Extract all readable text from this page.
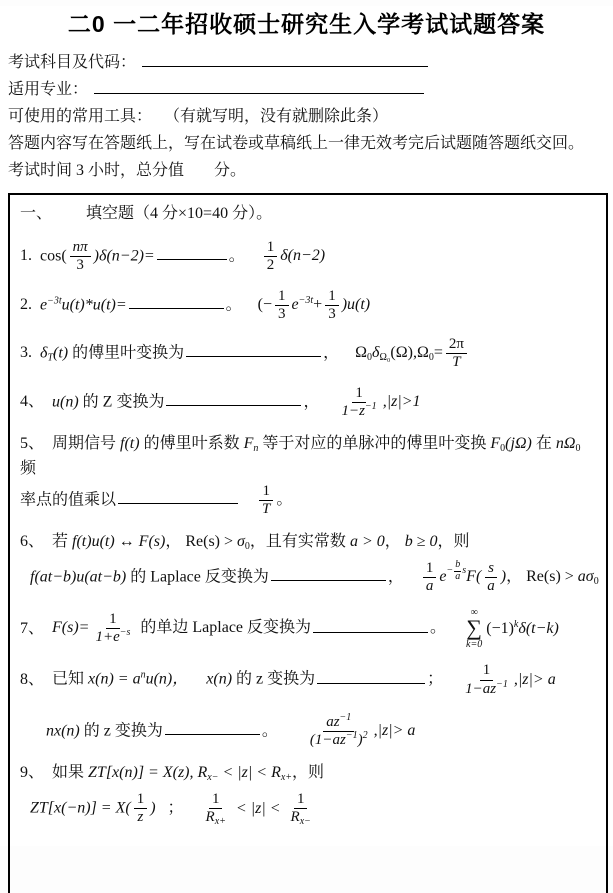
二0 一二年招收硕士研究生入学考试试题答案
考试科目及代码：
适用专业：
可使用的常用工具： （有就写明，没有就删除此条）
答题内容写在答题纸上，写在试卷或草稿纸上一律无效考完后试题随答题纸交回。
考试时间 3 小时，总分值 分。
一、 填空题（4 分×10=40 分）。
1. $\cos( \frac{n\pi}{3} )\delta(n-2)=$	。 $\frac{1}{2} \delta(n-2)$
2. $e^{-3t}u(t)*u(t)=$	。 (− $\frac{1}{3} e^{-3t}+ \frac{1}{3} )u(t)$
3. $\delta_T(t)$ 的傅里叶变换为	， $\Omega_0\delta_{\Omega_0}(\Omega),\Omega_0= \frac{2\pi}{T}$
4、 u(n) 的 Z 变换为	， $\frac{1}{1-z^{-1}} ,|z|>1$
5、 周期信号 f(t) 的傅里叶系数 $F_n$ 等于对应的单脉冲的傅里叶变换 $F_0(j\Omega)$ 在 $n\Omega_0$ 频
率点的值乘以	$\frac{1}{T}$ 。
6、 若 f(t)u(t) ↔ F(s)， $Re(s) > \sigma_0$，且有实常数 a > 0， b ≥ 0，则
f(at−b)u(at−b) 的 Laplace 反变换为	， $\frac{1}{a}$ $e - \frac{b}{a}$ s $F( \frac{s}{a}$ )， $Re(s) > a\sigma_0$
7、 $F(s)= \frac{1}{1+e^{-s}}$ 的单边 Laplace 反变换为	。
∞
∑
k=0
$(-1)^k\delta(t-k)$
8、 已知 $x(n) = a^nu(n)$， x(n) 的 z 变换为	； $\frac{1}{1-az^{-1}} ,|z|> a$
nx(n) 的 z 变换为	。 $\frac{az^{-1}}{(1-az^{-1})^2} ,|z|> a$
9、 如果 ZT[x(n)] = X(z), $R_{x-} < |z| < R_{x+}$，则
$ZT[x(-n)] = X( \frac{1}{z}$ ) ； $\frac{1}{R_{x+}} < |z| < \frac{1}{R_{x-}}$
